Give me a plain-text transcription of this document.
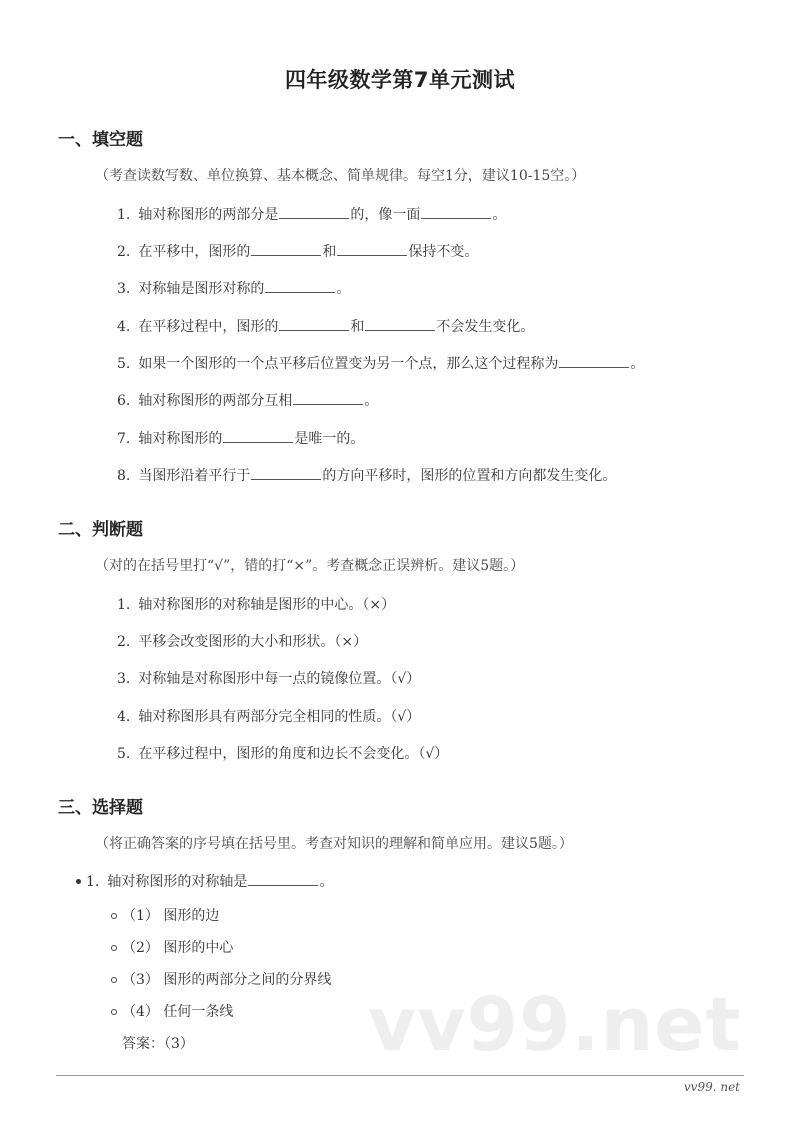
四年级数学第7单元测试
一、填空题
（考查读数写数、单位换算、基本概念、简单规律。每空1分，建议10-15空。）
1. 轴对称图形的两部分是	的，像一面	。
2. 在平移中，图形的	和	保持不变。
3. 对称轴是图形对称的	。
4. 在平移过程中，图形的	和	不会发生变化。
5. 如果一个图形的一个点平移后位置变为另一个点，那么这个过程称为	。
6. 轴对称图形的两部分互相	。
7. 轴对称图形的	是唯一的。
8. 当图形沿着平行于	的方向平移时，图形的位置和方向都发生变化。
二、判断题
（对的在括号里打“√”，错的打“×”。考查概念正误辨析。建议5题。）
1. 轴对称图形的对称轴是图形的中心。（×）
2. 平移会改变图形的大小和形状。（×）
3. 对称轴是对称图形中每一点的镜像位置。（√）
4. 轴对称图形具有两部分完全相同的性质。（√）
5. 在平移过程中，图形的角度和边长不会变化。（√）
三、选择题
（将正确答案的序号填在括号里。考查对知识的理解和简单应用。建议5题。）
1. 轴对称图形的对称轴是	。
（1） 图形的边
（2） 图形的中心
（3） 图形的两部分之间的分界线
（4） 任何一条线
答案：（3） vv99.net
vv99. net
